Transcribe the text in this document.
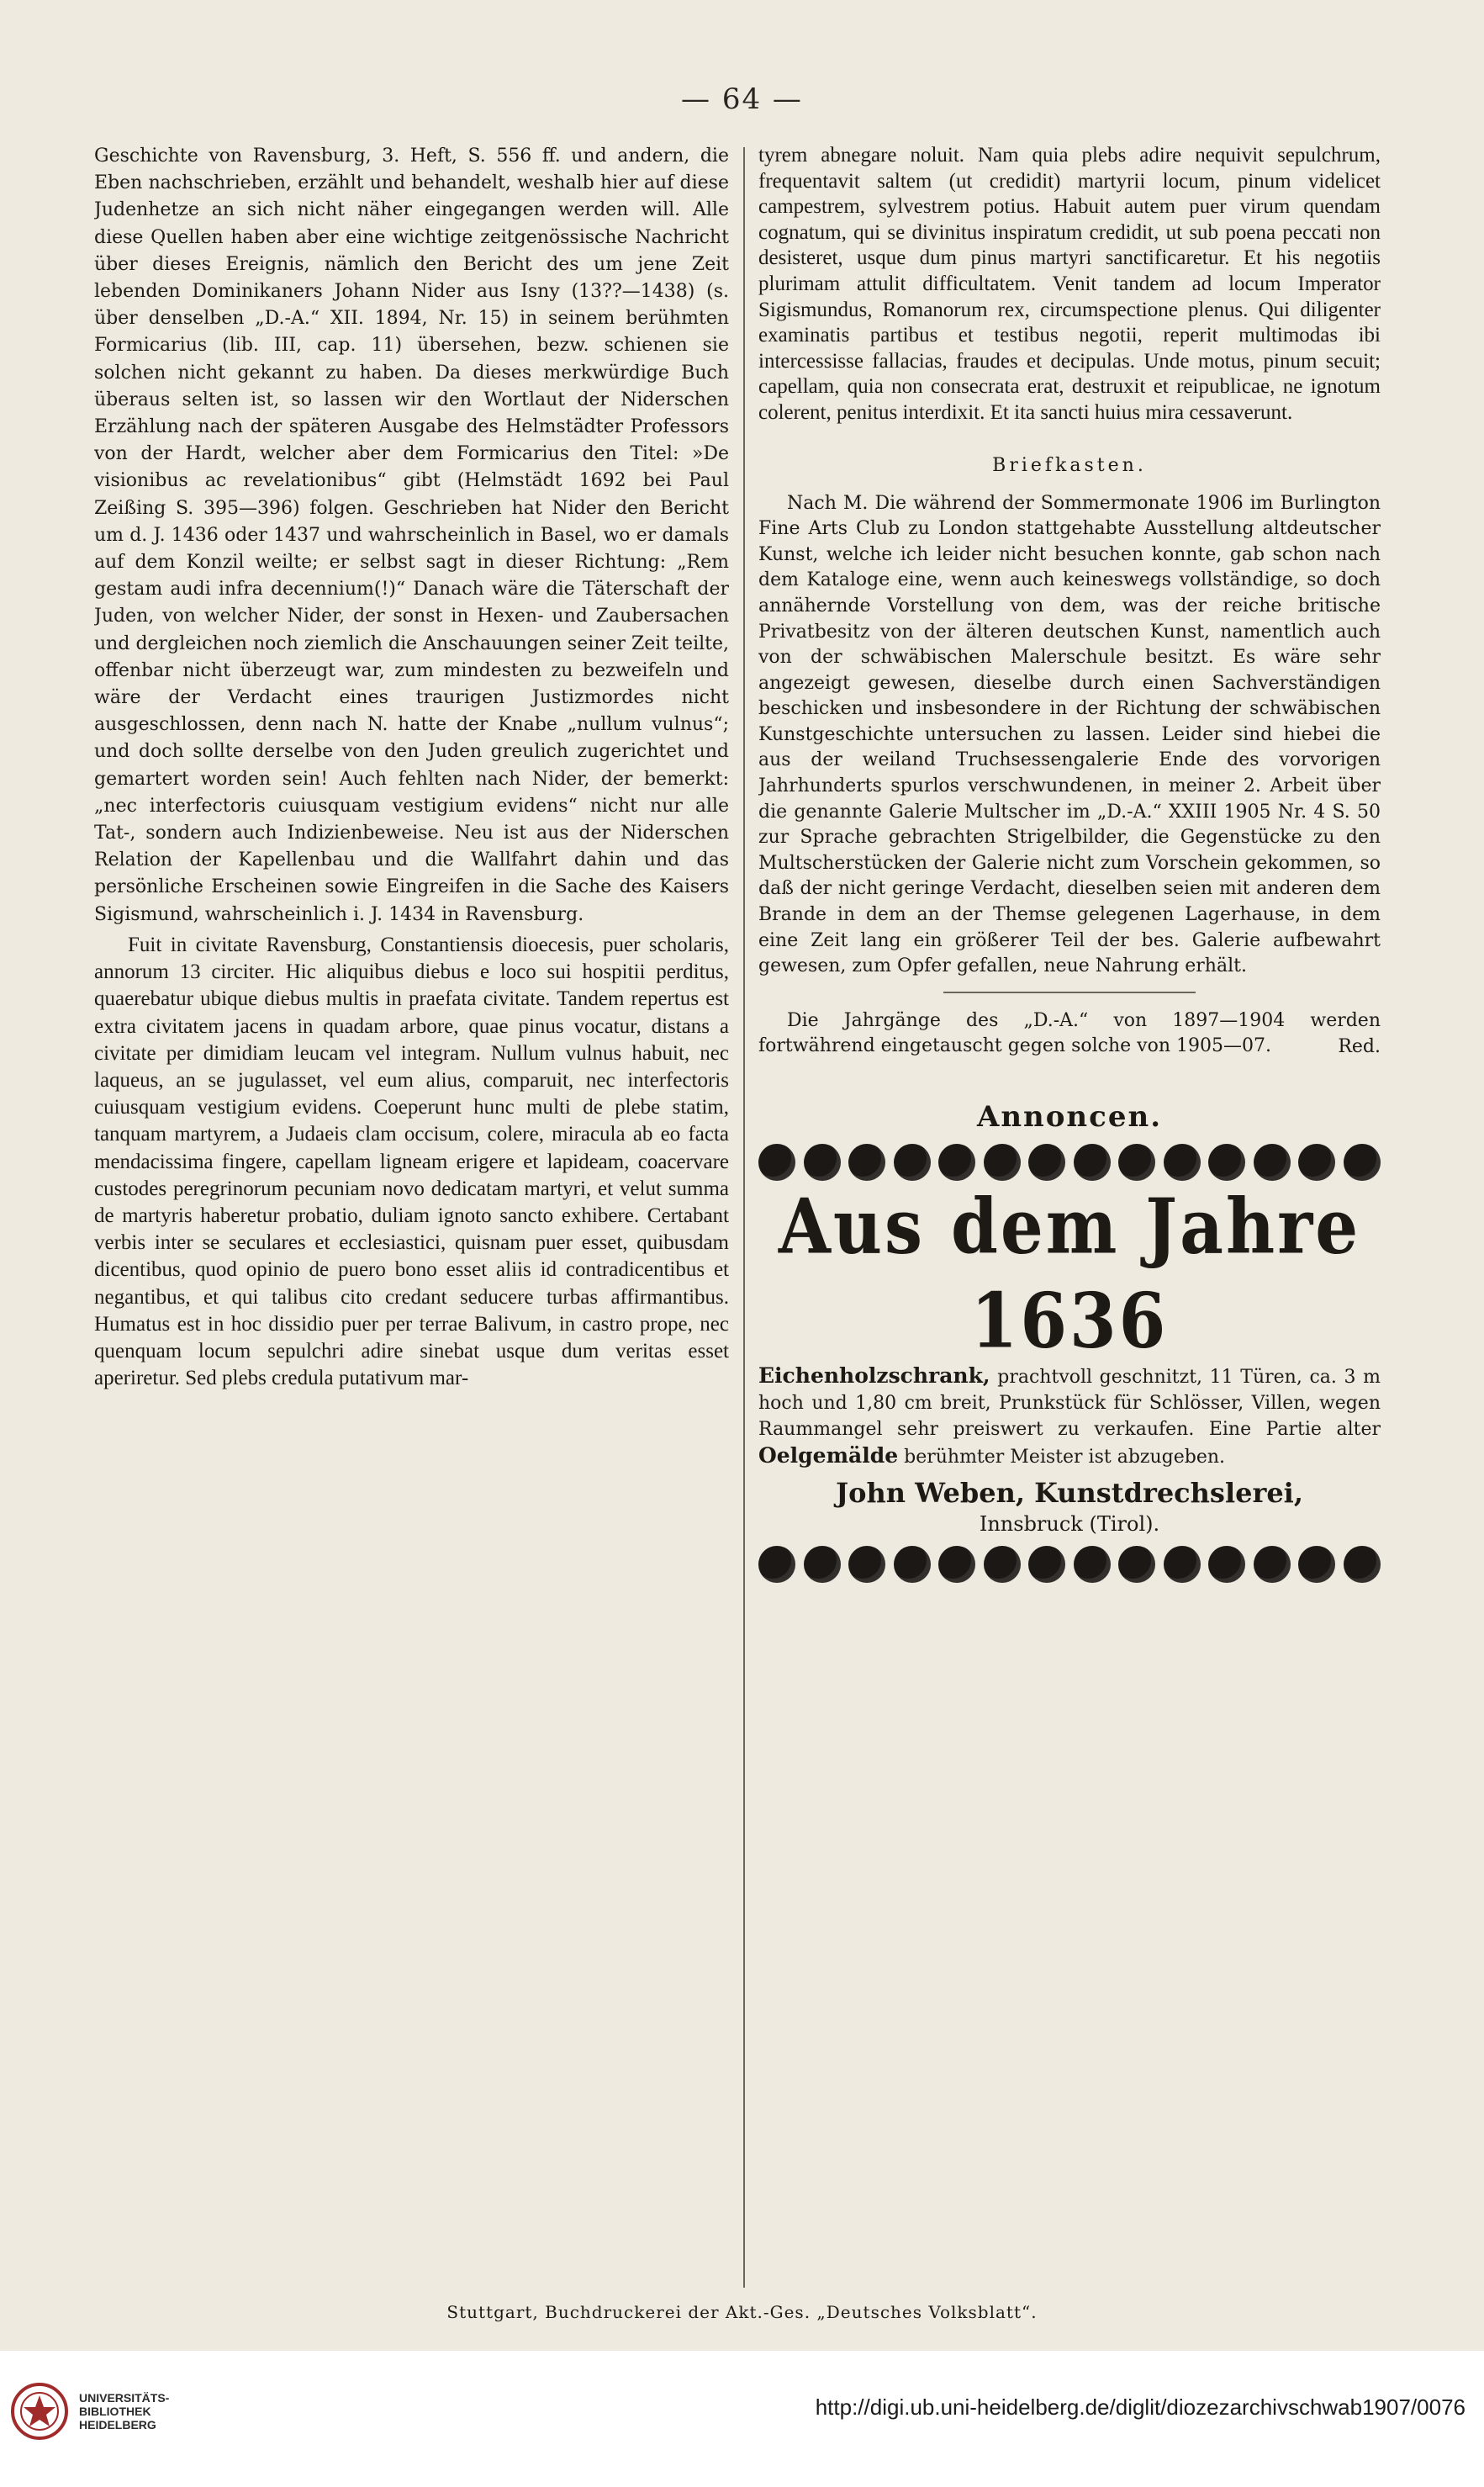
— 64 —

Geschichte von Ravensburg, 3. Heft, S. 556 ff. und andern, die Eben nachschrieben, erzählt und behandelt, weshalb hier auf diese Judenhetze an sich nicht näher eingegangen werden will. Alle diese Quellen haben aber eine wichtige zeitgenössische Nachricht über dieses Ereignis, nämlich den Bericht des um jene Zeit lebenden Dominikaners Johann Nider aus Isny (13??—1438) (s. über denselben „D.-A.“ XII. 1894, Nr. 15) in seinem berühmten Formicarius (lib. III, cap. 11) übersehen, bezw. schienen sie solchen nicht gekannt zu haben. Da dieses merkwürdige Buch überaus selten ist, so lassen wir den Wortlaut der Niderschen Erzählung nach der späteren Ausgabe des Helmstädter Professors von der Hardt, welcher aber dem Formicarius den Titel: »De visionibus ac revelationibus“ gibt (Helmstädt 1692 bei Paul Zeißing S. 395—396) folgen. Geschrieben hat Nider den Bericht um d. J. 1436 oder 1437 und wahrscheinlich in Basel, wo er damals auf dem Konzil weilte; er selbst sagt in dieser Richtung: „Rem gestam audi infra decennium(!)“ Danach wäre die Täterschaft der Juden, von welcher Nider, der sonst in Hexen- und Zaubersachen und dergleichen noch ziemlich die Anschauungen seiner Zeit teilte, offenbar nicht überzeugt war, zum mindesten zu bezweifeln und wäre der Verdacht eines traurigen Justizmordes nicht ausgeschlossen, denn nach N. hatte der Knabe „nullum vulnus“; und doch sollte derselbe von den Juden greulich zugerichtet und gemartert worden sein! Auch fehlten nach Nider, der bemerkt: „nec interfectoris cuiusquam vestigium evidens“ nicht nur alle Tat-, sondern auch Indizienbeweise. Neu ist aus der Niderschen Relation der Kapellenbau und die Wallfahrt dahin und das persönliche Erscheinen sowie Eingreifen in die Sache des Kaisers Sigismund, wahrscheinlich i. J. 1434 in Ravensburg.

Fuit in civitate Ravensburg, Constantiensis dioecesis, puer scholaris, annorum 13 circiter. Hic aliquibus diebus e loco sui hospitii perditus, quaerebatur ubique diebus multis in praefata civitate. Tandem repertus est extra civitatem jacens in quadam arbore, quae pinus vocatur, distans a civitate per dimidiam leucam vel integram. Nullum vulnus habuit, nec laqueus, an se jugulasset, vel eum alius, comparuit, nec interfectoris cuiusquam vestigium evidens. Coeperunt hunc multi de plebe statim, tanquam martyrem, a Judaeis clam occisum, colere, miracula ab eo facta mendacissima fingere, capellam ligneam erigere et lapideam, coacervare custodes peregrinorum pecuniam novo dedicatam martyri, et velut summa de martyris haberetur probatio, duliam ignoto sancto exhibere. Certabant verbis inter se seculares et ecclesiastici, quisnam puer esset, quibusdam dicentibus, quod opinio de puero bono esset aliis id contradicentibus et negantibus, et qui talibus cito credant seducere turbas affirmantibus. Humatus est in hoc dissidio puer per terrae Balivum, in castro prope, nec quenquam locum sepulchri adire sinebat usque dum veritas esset aperiretur. Sed plebs credula putativum mar-

tyrem abnegare noluit. Nam quia plebs adire nequivit sepulchrum, frequentavit saltem (ut credidit) martyrii locum, pinum videlicet campestrem, sylvestrem potius. Habuit autem puer virum quendam cognatum, qui se divinitus inspiratum credidit, ut sub poena peccati non desisteret, usque dum pinus martyri sanctificaretur. Et his negotiis plurimam attulit difficultatem. Venit tandem ad locum Imperator Sigismundus, Romanorum rex, circumspectione plenus. Qui diligenter examinatis partibus et testibus negotii, reperit multimodas ibi intercessisse fallacias, fraudes et decipulas. Unde motus, pinum secuit; capellam, quia non consecrata erat, destruxit et reipublicae, ne ignotum colerent, penitus interdixit. Et ita sancti huius mira cessaverunt.

Briefkasten.

Nach M. Die während der Sommermonate 1906 im Burlington Fine Arts Club zu London stattgehabte Ausstellung altdeutscher Kunst, welche ich leider nicht besuchen konnte, gab schon nach dem Kataloge eine, wenn auch keineswegs vollständige, so doch annähernde Vorstellung von dem, was der reiche britische Privatbesitz von der älteren deutschen Kunst, namentlich auch von der schwäbischen Malerschule besitzt. Es wäre sehr angezeigt gewesen, dieselbe durch einen Sachverständigen beschicken und insbesondere in der Richtung der schwäbischen Kunstgeschichte untersuchen zu lassen. Leider sind hiebei die aus der weiland Truchsessengalerie Ende des vorvorigen Jahrhunderts spurlos verschwundenen, in meiner 2. Arbeit über die genannte Galerie Multscher im „D.-A.“ XXIII 1905 Nr. 4 S. 50 zur Sprache gebrachten Strigelbilder, die Gegenstücke zu den Multscherstücken der Galerie nicht zum Vorschein gekommen, so daß der nicht geringe Verdacht, dieselben seien mit anderen dem Brande in dem an der Themse gelegenen Lagerhause, in dem eine Zeit lang ein größerer Teil der bes. Galerie aufbewahrt gewesen, zum Opfer gefallen, neue Nahrung erhält.

Die Jahrgänge des „D.-A.“ von 1897—1904 werden fortwährend eingetauscht gegen solche von 1905—07.	Red.
Annoncen.
Aus dem Jahre 1636

Eichenholzschrank, prachtvoll geschnitzt, 11 Türen, ca. 3 m hoch und 1,80 cm breit, Prunkstück für Schlösser, Villen, wegen Raummangel sehr preiswert zu verkaufen. Eine Partie alter Oelgemälde berühmter Meister ist abzugeben.

John Weben, Kunstdrechslerei,
Innsbruck (Tirol).
Stuttgart, Buchdruckerei der Akt.-Ges. „Deutsches Volksblatt“.
UNIVERSITÄTS-
BIBLIOTHEK
HEIDELBERG
http://digi.ub.uni-heidelberg.de/diglit/diozezarchivschwab1907/0076
